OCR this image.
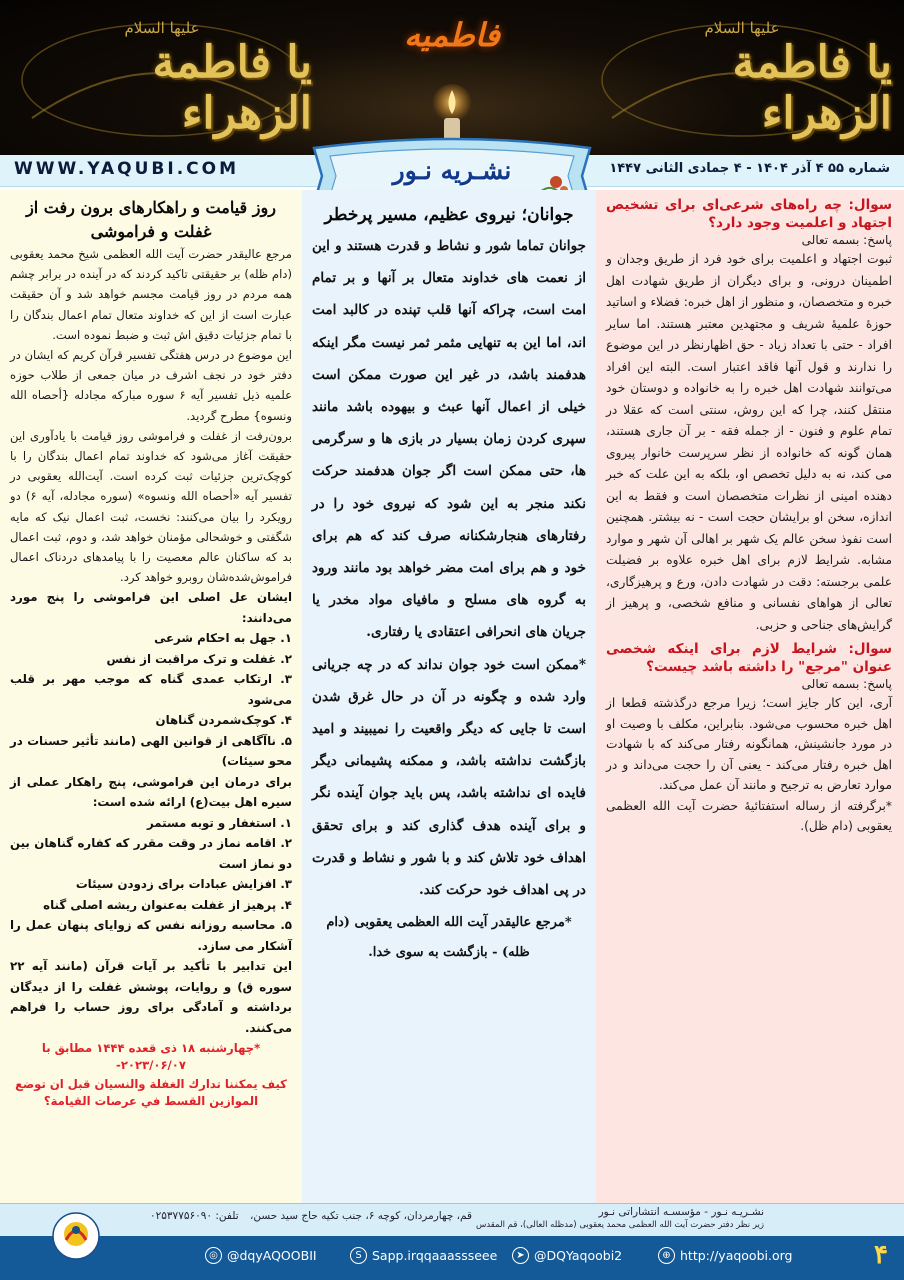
علیها السلام
یا فاطمة الزهراء
فاطمیه	علیها السلام
یا فاطمة الزهراء
WWW.YAQUBI.COM	شماره ۵۵ ۴ آذر ۱۴۰۴ - ۴ جمادی الثانی ۱۴۴۷
نشـریه نـور
سوال: چه راه‌های شرعی‌ای برای تشخیص اجتهاد و اعلمیت وجود دارد؟
پاسخ: بسمه تعالی
ثبوت اجتهاد و اعلمیت برای خود فرد از طریق وجدان و اطمینان درونی، و برای دیگران از طریق شهادت اهل خبره و متخصصان، و منظور از اهل خبره: فضلاء و اساتید حوزۀ علمیۀ شریف و مجتهدین معتبر هستند. اما سایر افراد - حتی با تعداد زیاد - حق اظهارنظر در این موضوع را ندارند و قول آنها فاقد اعتبار است. البته این افراد می‌توانند شهادت اهل خبره را به خانواده و دوستان خود منتقل کنند، چرا که این روش، سنتی است که عقلا در تمام علوم و فنون - از جمله فقه - بر آن جاری هستند، همان گونه که خانواده از نظر سرپرست خانوار پیروی می کند، نه به دلیل تخصص او، بلکه به این علت که خبر دهنده امینی از نظرات متخصصان است و فقط به این اندازه، سخن او برایشان حجت است - نه بیشتر. همچنین است نفوذ سخن عالم یک شهر بر اهالی آن شهر و موارد مشابه. شرایط لازم برای اهل خبره علاوه بر فضیلت علمی برجسته: دقت در شهادت دادن، ورع و پرهیزگاری، تعالی از هواهای نفسانی و منافع شخصی، و پرهیز از گرایش‌های جناحی و حزبی.
سوال: شرایط لازم برای اینکه شخصی عنوان "مرجع" را داشته باشد چیست؟
پاسخ: بسمه تعالی
آری، این کار جایز است؛ زیرا مرجع درگذشته قطعا از اهل خبره محسوب می‌شود. بنابراین، مکلف با وصیت او در مورد جانشینش، همانگونه رفتار می‌کند که با شهادت اهل خبره رفتار می‌کند - یعنی آن را حجت می‌داند و در موارد تعارض به ترجیح و مانند آن عمل می‌کند.
*برگرفته از رساله استفتائیۀ حضرت آیت الله العظمی یعقوبی (دام ظل).
جوانان؛ نیروی عظیم، مسیر پرخطر
جوانان تماما شور و نشاط و قدرت هستند و این از نعمت های خداوند متعال بر آنها و بر تمام امت است، چراکه آنها قلب تپنده در کالبد امت اند، اما این به تنهایی مثمر ثمر نیست مگر اینکه هدفمند باشد، در غیر این صورت ممکن است خیلی از اعمال آنها عبث و بیهوده باشد مانند سپری کردن زمان بسیار در بازی ها و سرگرمی ها، حتی ممکن است اگر جوان هدفمند حرکت نکند منجر به این شود که نیروی خود را در رفتارهای هنجارشکنانه صرف کند که هم برای خود و هم برای امت مضر خواهد بود مانند ورود به گروه های مسلح و مافیای مواد مخدر یا جریان های انحرافی اعتقادی یا رفتاری.
*ممکن است خود جوان نداند که در چه جریانی وارد شده و چگونه در آن در حال غرق شدن است تا جایی که دیگر واقعیت را نمیبیند و امید بازگشت نداشته باشد، و ممکنه پشیمانی دیگر فایده ای نداشته باشد، پس باید جوان آینده نگر و برای آینده هدف گذاری کند و برای تحقق اهداف خود تلاش کند و با شور و نشاط و قدرت در پی اهداف خود حرکت کند.
*مرجع عالیقدر آیت الله العظمی یعقوبی (دام ظله) - بازگشت به سوی خدا.
روز قیامت و راهکارهای برون رفت از غفلت و فراموشی
مرجع عالیقدر حضرت آیت الله العظمی شیخ محمد یعقوبی (دام ظله) بر حقیقتی تاکید کردند که در آینده در برابر چشم همه مردم در روز قیامت مجسم خواهد شد و آن حقیقت عبارت است از این که خداوند متعال تمام اعمال بندگان را با تمام جزئیات دقیق اش ثبت و ضبط نموده است.
این موضوع در درس هفتگی تفسیر قرآن کریم که ایشان در دفتر خود در نجف اشرف در میان جمعی از طلاب حوزه علمیه ذیل تفسیر آیه ۶ سوره مبارکه مجادله {أحصاه الله ونسوه} مطرح گردید.
برون‌رفت از غفلت و فراموشی روز قیامت با یادآوری این حقیقت آغاز می‌شود که خداوند تمام اعمال بندگان را با کوچک‌ترین جزئیات ثبت کرده است. آیت‌الله یعقوبی در تفسیر آیه «أحصاه الله ونسوه» (سوره مجادله، آیه ۶) دو رویکرد را بیان می‌کنند: نخست، ثبت اعمال نیک که مایه شگفتی و خوشحالی مؤمنان خواهد شد، و دوم، ثبت اعمال بد که ساکنان عالم معصیت را با پیامدهای دردناک اعمال فراموش‌شده‌شان روبرو خواهد کرد.
ایشان عل اصلی این فراموشی را پنج مورد می‌دانند:
۱. جهل به احکام شرعی
۲. غفلت و ترک مراقبت از نفس
۳. ارتکاب عمدی گناه که موجب مهر بر قلب می‌شود
۴. کوچک‌شمردن گناهان
۵. ناآگاهی از قوانین الهی (مانند تأثیر حسنات در محو سیئات)
برای درمان این فراموشی، پنج راهکار عملی از سیره اهل بیت(ع) ارائه شده است:
۱. استغفار و توبه مستمر
۲. اقامه نماز در وقت مقرر که کفاره گناهان بین دو نماز است
۳. افزایش عبادات برای زدودن سیئات
۴. پرهیز از غفلت به‌عنوان ریشه اصلی گناه
۵. محاسبه روزانه نفس که زوایای پنهان عمل را آشکار می سازد.
این تدابیر با تأکید بر آیات قرآن (مانند آیه ۲۲ سوره ق) و روایات، پوشش غفلت را از دیدگان برداشته و آمادگی برای روز حساب را فراهم می‌کنند.
*چهارشنبه ۱۸ ذی قعده ۱۴۴۴ مطابق با ۲۰۲۳/۰۶/۰۷-
كيف يمكننا تدارك الغفلة والنسيان قبل ان توضع الموازين القسط في عرصات القيامة؟
نشـریـه نـور - مؤسسـه انتشاراتی نـور
زیر نظر دفتر حضرت آیت الله العظمی محمد یعقوبی (مدظله العالی)، قم المقدس
قم، چهارمردان، کوچه ۶، جنب تکیه حاج سید حسن، تلفن: ۰۲۵۳۷۷۵۶۰۹۰
◎ @dqyAQOOBII	S Sapp.irqqaaassseee	➤ @DQYaqoobi2	⊕ http://yaqoobi.org	۴
